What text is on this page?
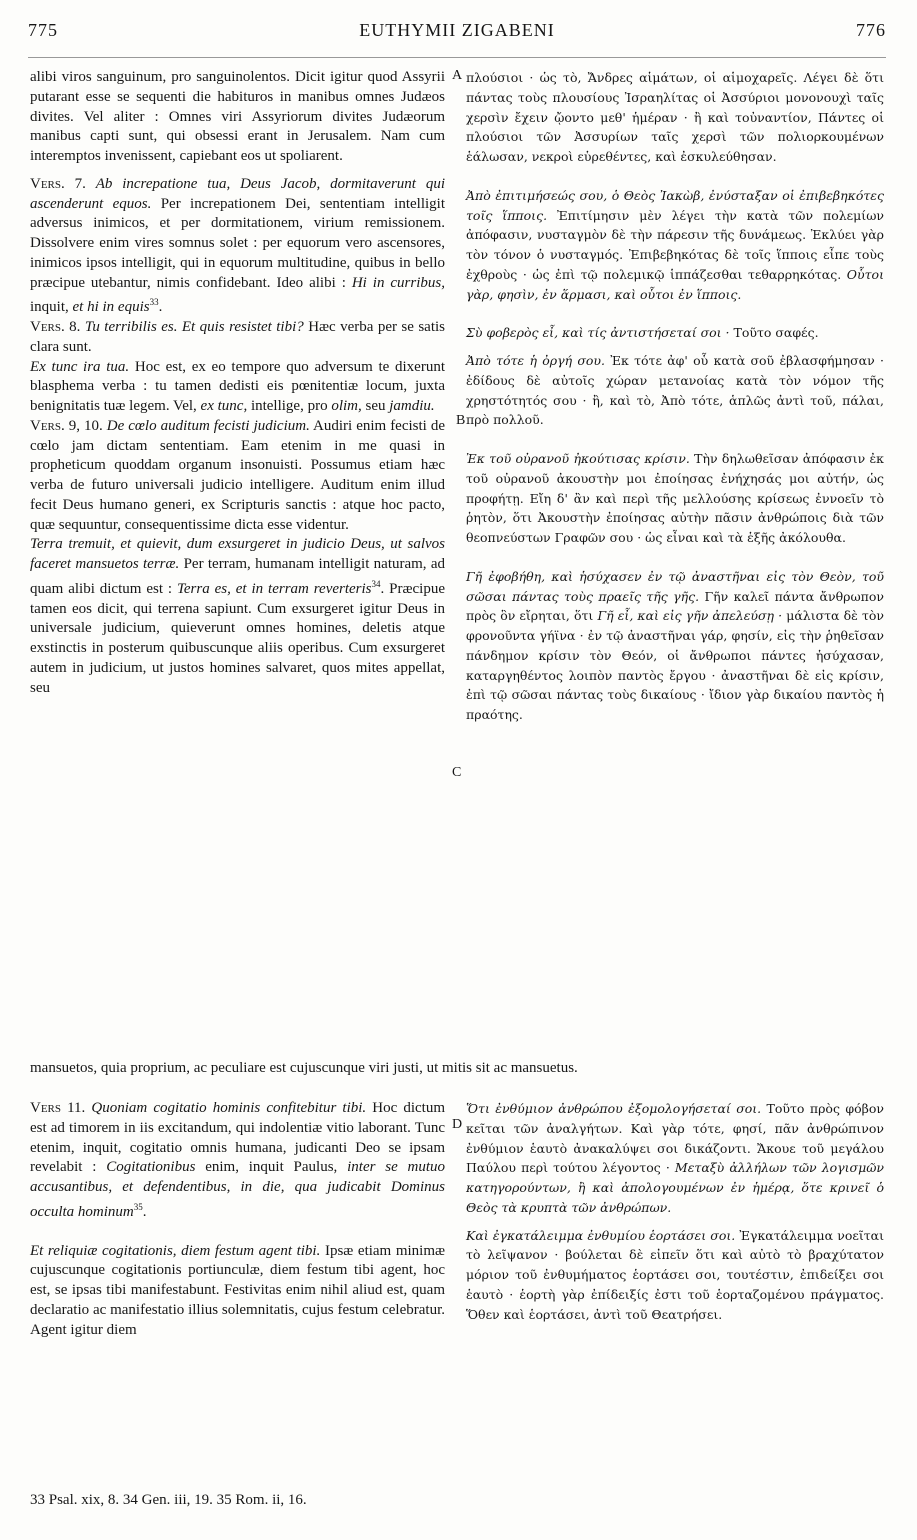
775	EUTHYMII ZIGABENI	776
A
B
C
D

alibi viros sanguinum, pro sanguinolentos. Dicit igitur quod Assyrii putarant esse se sequenti die habituros in manibus omnes Judæos divites. Vel aliter : Omnes viri Assyriorum divites Judæorum manibus capti sunt, qui obsessi erant in Jerusalem. Nam cum interemptos invenissent, capiebant eos ut spoliarent.

Vers. 7. Ab increpatione tua, Deus Jacob, dormitaverunt qui ascenderunt equos. Per increpationem Dei, sententiam intelligit adversus inimicos, et per dormitationem, virium remissionem. Dissolvere enim vires somnus solet : per equorum vero ascensores, inimicos ipsos intelligit, qui in equorum multitudine, quibus in bello præcipue utebantur, nimis confidebant. Ideo alibi : Hi in curribus, inquit, et hi in equis$^{33}$.

Vers. 8. Tu terribilis es. Et quis resistet tibi? Hæc verba per se satis clara sunt.

Ex tunc ira tua. Hoc est, ex eo tempore quo adversum te dixerunt blasphema verba : tu tamen dedisti eis pœnitentiæ locum, juxta benignitatis tuæ legem. Vel, ex tunc, intellige, pro olim, seu jamdiu.

Vers. 9, 10. De cœlo auditum fecisti judicium. Audiri enim fecisti de cœlo jam dictam sententiam. Eam etenim in me quasi in propheticum quoddam organum insonuisti. Possumus etiam hæc verba de futuro universali judicio intelligere. Auditum enim illud fecit Deus humano generi, ex Scripturis sanctis : atque hoc pacto, quæ sequuntur, consequentissime dicta esse videntur.

Terra tremuit, et quievit, dum exsurgeret in judicio Deus, ut salvos faceret mansuetos terræ. Per terram, humanam intelligit naturam, ad quam alibi dictum est : Terra es, et in terram reverteris$^{34}$. Præcipue tamen eos dicit, qui terrena sapiunt. Cum exsurgeret igitur Deus in universale judicium, quieverunt omnes homines, deletis atque exstinctis in posterum quibuscunque aliis operibus. Cum exsurgeret autem in judicium, ut justos homines salvaret, quos mites appellat, seu

mansuetos, quia proprium, ac peculiare est cujuscunque viri justi, ut mitis sit ac mansuetus.

Vers 11. Quoniam cogitatio hominis confitebitur tibi. Hoc dictum est ad timorem in iis excitandum, qui indolentiæ vitio laborant. Tunc etenim, inquit, cogitatio omnis humana, judicanti Deo se ipsam revelabit : Cogitationibus enim, inquit Paulus, inter se mutuo accusantibus, et defendentibus, in die, qua judicabit Dominus occulta hominum$^{35}$.

Et reliquiæ cogitationis, diem festum agent tibi. Ipsæ etiam minimæ cujuscunque cogitationis portiunculæ, diem festum tibi agent, hoc est, se ipsas tibi manifestabunt. Festivitas enim nihil aliud est, quam declaratio ac manifestatio illius solemnitatis, cujus festum celebratur. Agent igitur diem

πλούσιοι · ὡς τὸ, Ἄνδρες αἱμάτων, οἱ αἱμοχαρεῖς. Λέγει δὲ ὅτι πάντας τοὺς πλουσίους Ἰσραηλίτας οἱ Ἀσσύριοι μονονουχὶ ταῖς χερσὶν ἔχειν ᾤοντο μεθ' ἡμέραν · ἢ καὶ τοὐναντίον, Πάντες οἱ πλούσιοι τῶν Ἀσσυρίων ταῖς χερσὶ τῶν πολιορκουμένων ἑάλωσαν, νεκροὶ εὑρεθέντες, καὶ ἐσκυλεύθησαν.

Ἀπὸ ἐπιτιμήσεώς σου, ὁ Θεὸς Ἰακὼβ, ἐνύσταξαν οἱ ἐπιβεβηκότες τοῖς ἵπποις. Ἐπιτίμησιν μὲν λέγει τὴν κατὰ τῶν πολεμίων ἀπόφασιν, νυσταγμὸν δὲ τὴν πάρεσιν τῆς δυνάμεως. Ἐκλύει γὰρ τὸν τόνον ὁ νυσταγμός. Ἐπιβεβηκότας δὲ τοῖς ἵπποις εἶπε τοὺς ἐχθροὺς · ὡς ἐπὶ τῷ πολεμικῷ ἱππάζεσθαι τεθαρρηκότας. Οὗτοι γὰρ, φησὶν, ἐν ἅρμασι, καὶ οὗτοι ἐν ἵπποις.

Σὺ φοβερὸς εἶ, καὶ τίς ἀντιστήσεταί σοι · Τοῦτο σαφές.

Ἀπὸ τότε ἡ ὀργή σου. Ἐκ τότε ἀφ' οὗ κατὰ σοῦ ἐβλασφήμησαν · ἐδίδους δὲ αὐτοῖς χώραν μετανοίας κατὰ τὸν νόμον τῆς χρηστότητός σου · ἢ, καὶ τὸ, Ἀπὸ τότε, ἁπλῶς ἀντὶ τοῦ, πάλαι, πρὸ πολλοῦ.

Ἐκ τοῦ οὐρανοῦ ἠκούτισας κρίσιν. Τὴν δηλωθεῖσαν ἀπόφασιν ἐκ τοῦ οὐρανοῦ ἀκουστὴν μοι ἐποίησας ἐνήχησάς μοι αὐτήν, ὡς προφήτῃ. Εἴη δ' ἂν καὶ περὶ τῆς μελλούσης κρίσεως ἐννοεῖν τὸ ῥητὸν, ὅτι Ἀκουστὴν ἐποίησας αὐτὴν πᾶσιν ἀνθρώποις διὰ τῶν θεοπνεύστων Γραφῶν σου · ὡς εἶναι καὶ τὰ ἑξῆς ἀκόλουθα.

Γῆ ἐφοβήθη, καὶ ἡσύχασεν ἐν τῷ ἀναστῆναι εἰς τὸν Θεὸν, τοῦ σῶσαι πάντας τοὺς πραεῖς τῆς γῆς. Γῆν καλεῖ πάντα ἄνθρωπον πρὸς ὃν εἴρηται, ὅτι Γῆ εἶ, καὶ εἰς γῆν ἀπελεύσῃ · μάλιστα δὲ τὸν φρονοῦντα γήϊνα · ἐν τῷ ἀναστῆναι γάρ, φησίν, εἰς τὴν ῥηθεῖσαν πάνδημον κρίσιν τὸν Θεόν, οἱ ἄνθρωποι πάντες ἡσύχασαν, καταργηθέντος λοιπὸν παντὸς ἔργου · ἀναστῆναι δὲ εἰς κρίσιν, ἐπὶ τῷ σῶσαι πάντας τοὺς δικαίους · ἴδιον γὰρ δικαίου παντὸς ἡ πραότης.

Ὅτι ἐνθύμιον ἀνθρώπου ἐξομολογήσεταί σοι. Τοῦτο πρὸς φόβον κεῖται τῶν ἀναλγήτων. Καὶ γὰρ τότε, φησί, πᾶν ἀνθρώπινον ἐνθύμιον ἑαυτὸ ἀνακαλύψει σοι δικάζοντι. Ἄκουε τοῦ μεγάλου Παύλου περὶ τούτου λέγοντος · Μεταξὺ ἀλλήλων τῶν λογισμῶν κατηγορούντων, ἢ καὶ ἀπολογουμένων ἐν ἡμέρᾳ, ὅτε κρινεῖ ὁ Θεὸς τὰ κρυπτὰ τῶν ἀνθρώπων.

Καὶ ἐγκατάλειμμα ἐνθυμίου ἑορτάσει σοι. Ἐγκατάλειμμα νοεῖται τὸ λεῖψανον · βούλεται δὲ εἰπεῖν ὅτι καὶ αὐτὸ τὸ βραχύτατον μόριον τοῦ ἐνθυμήματος ἑορτάσει σοι, τουτέστιν, ἐπιδείξει σοι ἑαυτὸ · ἑορτὴ γὰρ ἐπίδειξίς ἐστι τοῦ ἑορταζομένου πράγματος. Ὅθεν καὶ ἑορτάσει, ἀντὶ τοῦ Θεατρήσει.

33 Psal. xix, 8. 34 Gen. iii, 19. 35 Rom. ii, 16.
